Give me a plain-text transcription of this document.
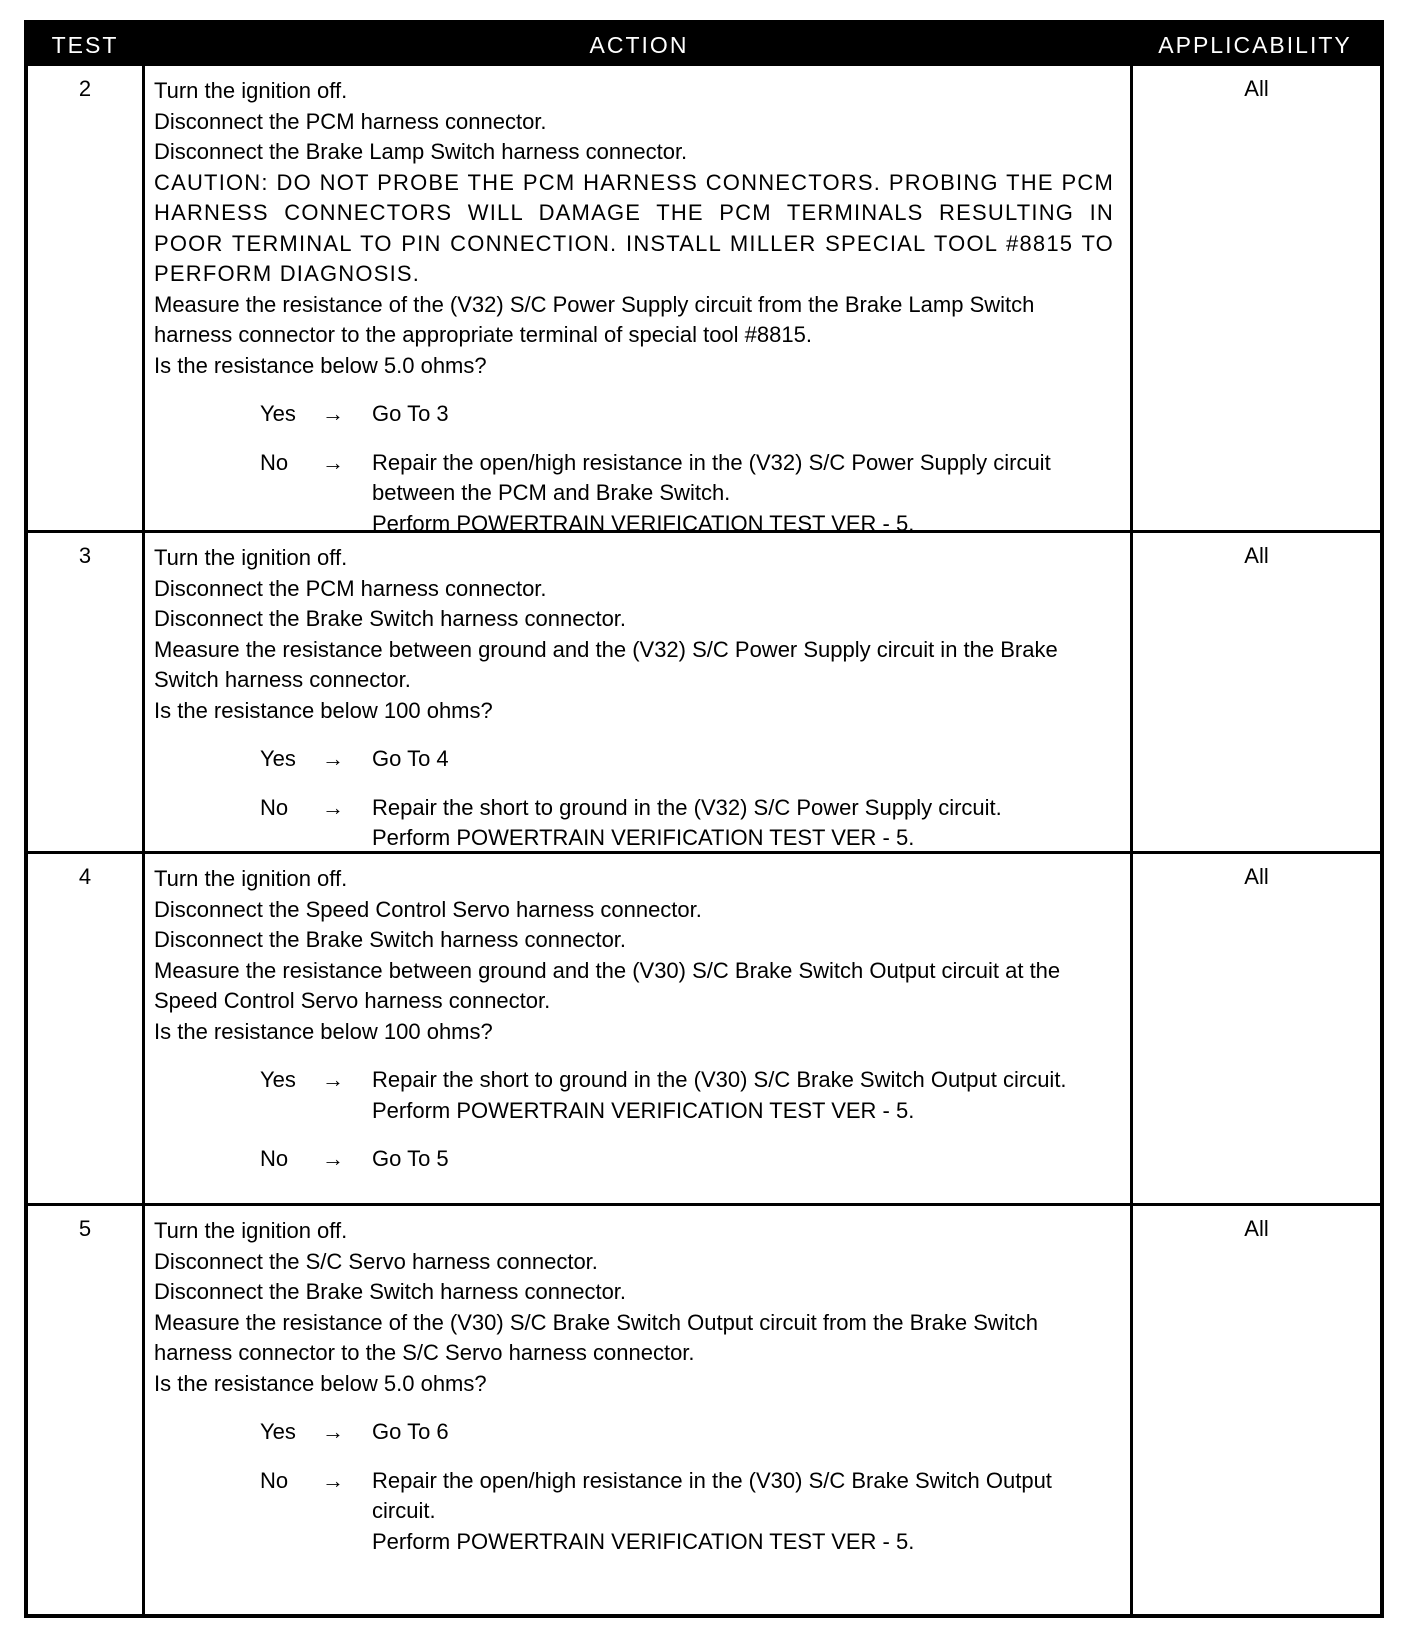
TEST	ACTION	APPLICABILITY
2	Turn the ignition off.

Disconnect the PCM harness connector.

Disconnect the Brake Lamp Switch harness connector.

CAUTION: DO NOT PROBE THE PCM HARNESS CONNECTORS. PROBING THE PCM HARNESS CONNECTORS WILL DAMAGE THE PCM TERMINALS RESULTING IN POOR TERMINAL TO PIN CONNECTION. INSTALL MILLER SPECIAL TOOL #8815 TO PERFORM DIAGNOSIS.

Measure the resistance of the (V32) S/C Power Supply circuit from the Brake Lamp Switch harness connector to the appropriate terminal of special tool #8815.

Is the resistance below 5.0 ohms?

Yes → Go To 3
No → Repair the open/high resistance in the (V32) S/C Power Supply circuit between the PCM and Brake Switch.
Perform POWERTRAIN VERIFICATION TEST VER - 5.
All
3	Turn the ignition off.

Disconnect the PCM harness connector.

Disconnect the Brake Switch harness connector.

Measure the resistance between ground and the (V32) S/C Power Supply circuit in the Brake Switch harness connector.

Is the resistance below 100 ohms?

Yes → Go To 4
No → Repair the short to ground in the (V32) S/C Power Supply circuit.
Perform POWERTRAIN VERIFICATION TEST VER - 5.
All
4	Turn the ignition off.

Disconnect the Speed Control Servo harness connector.

Disconnect the Brake Switch harness connector.

Measure the resistance between ground and the (V30) S/C Brake Switch Output circuit at the Speed Control Servo harness connector.

Is the resistance below 100 ohms?

Yes → Repair the short to ground in the (V30) S/C Brake Switch Output circuit.
Perform POWERTRAIN VERIFICATION TEST VER - 5.
No → Go To 5
All
5	Turn the ignition off.

Disconnect the S/C Servo harness connector.

Disconnect the Brake Switch harness connector.

Measure the resistance of the (V30) S/C Brake Switch Output circuit from the Brake Switch harness connector to the S/C Servo harness connector.

Is the resistance below 5.0 ohms?

Yes → Go To 6
No → Repair the open/high resistance in the (V30) S/C Brake Switch Output circuit.
Perform POWERTRAIN VERIFICATION TEST VER - 5.
All
